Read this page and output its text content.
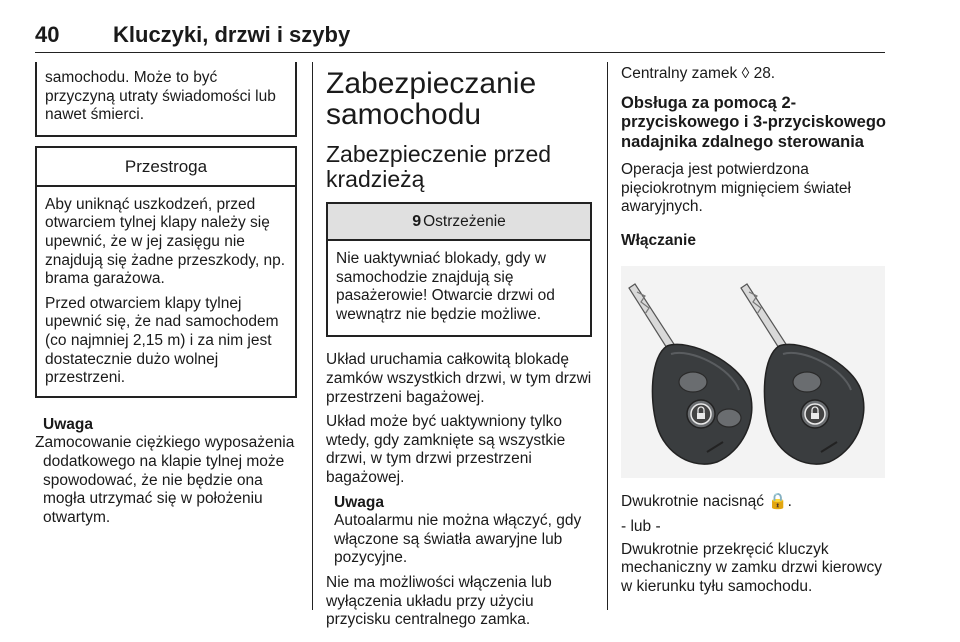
40 Kluczyki, drzwi i szyby

samochodu. Może to być przyczyną utraty świadomości lub nawet śmierci.

Przestroga

Aby uniknąć uszkodzeń, przed otwarciem tylnej klapy należy się upewnić, że w jej zasięgu nie znajdują się żadne przeszkody, np. brama garażowa.

Przed otwarciem klapy tylnej upewnić się, że nad samochodem (co najmniej 2,15 m) i za nim jest dostatecznie dużo wolnej przestrzeni.

Uwaga

Zamocowanie ciężkiego wyposażenia dodatkowego na klapie tylnej może spowodować, że nie będzie ona mogła utrzymać się w położeniu otwartym.

Zabezpieczanie samochodu
Zabezpieczenie przed kradzieżą
9 Ostrzeżenie

Nie uaktywniać blokady, gdy w samochodzie znajdują się pasażerowie! Otwarcie drzwi od wewnątrz nie będzie możliwe.

Układ uruchamia całkowitą blokadę zamków wszystkich drzwi, w tym drzwi przestrzeni bagażowej.

Układ może być uaktywniony tylko wtedy, gdy zamknięte są wszystkie drzwi, w tym drzwi przestrzeni bagażowej.

Uwaga

Autoalarmu nie można włączyć, gdy włączone są światła awaryjne lub pozycyjne.

Nie ma możliwości włączenia lub wyłączenia układu przy użyciu przycisku centralnego zamka.

Centralny zamek ◊ 28.

Obsługa za pomocą 2-przyciskowego i 3-przyciskowego nadajnika zdalnego sterowania

Operacja jest potwierdzona pięciokrotnym mignięciem świateł awaryjnych.

Włączanie

Dwukrotnie nacisnąć 🔒.

- lub -

Dwukrotnie przekręcić kluczyk mechaniczny w zamku drzwi kierowcy w kierunku tyłu samochodu.
